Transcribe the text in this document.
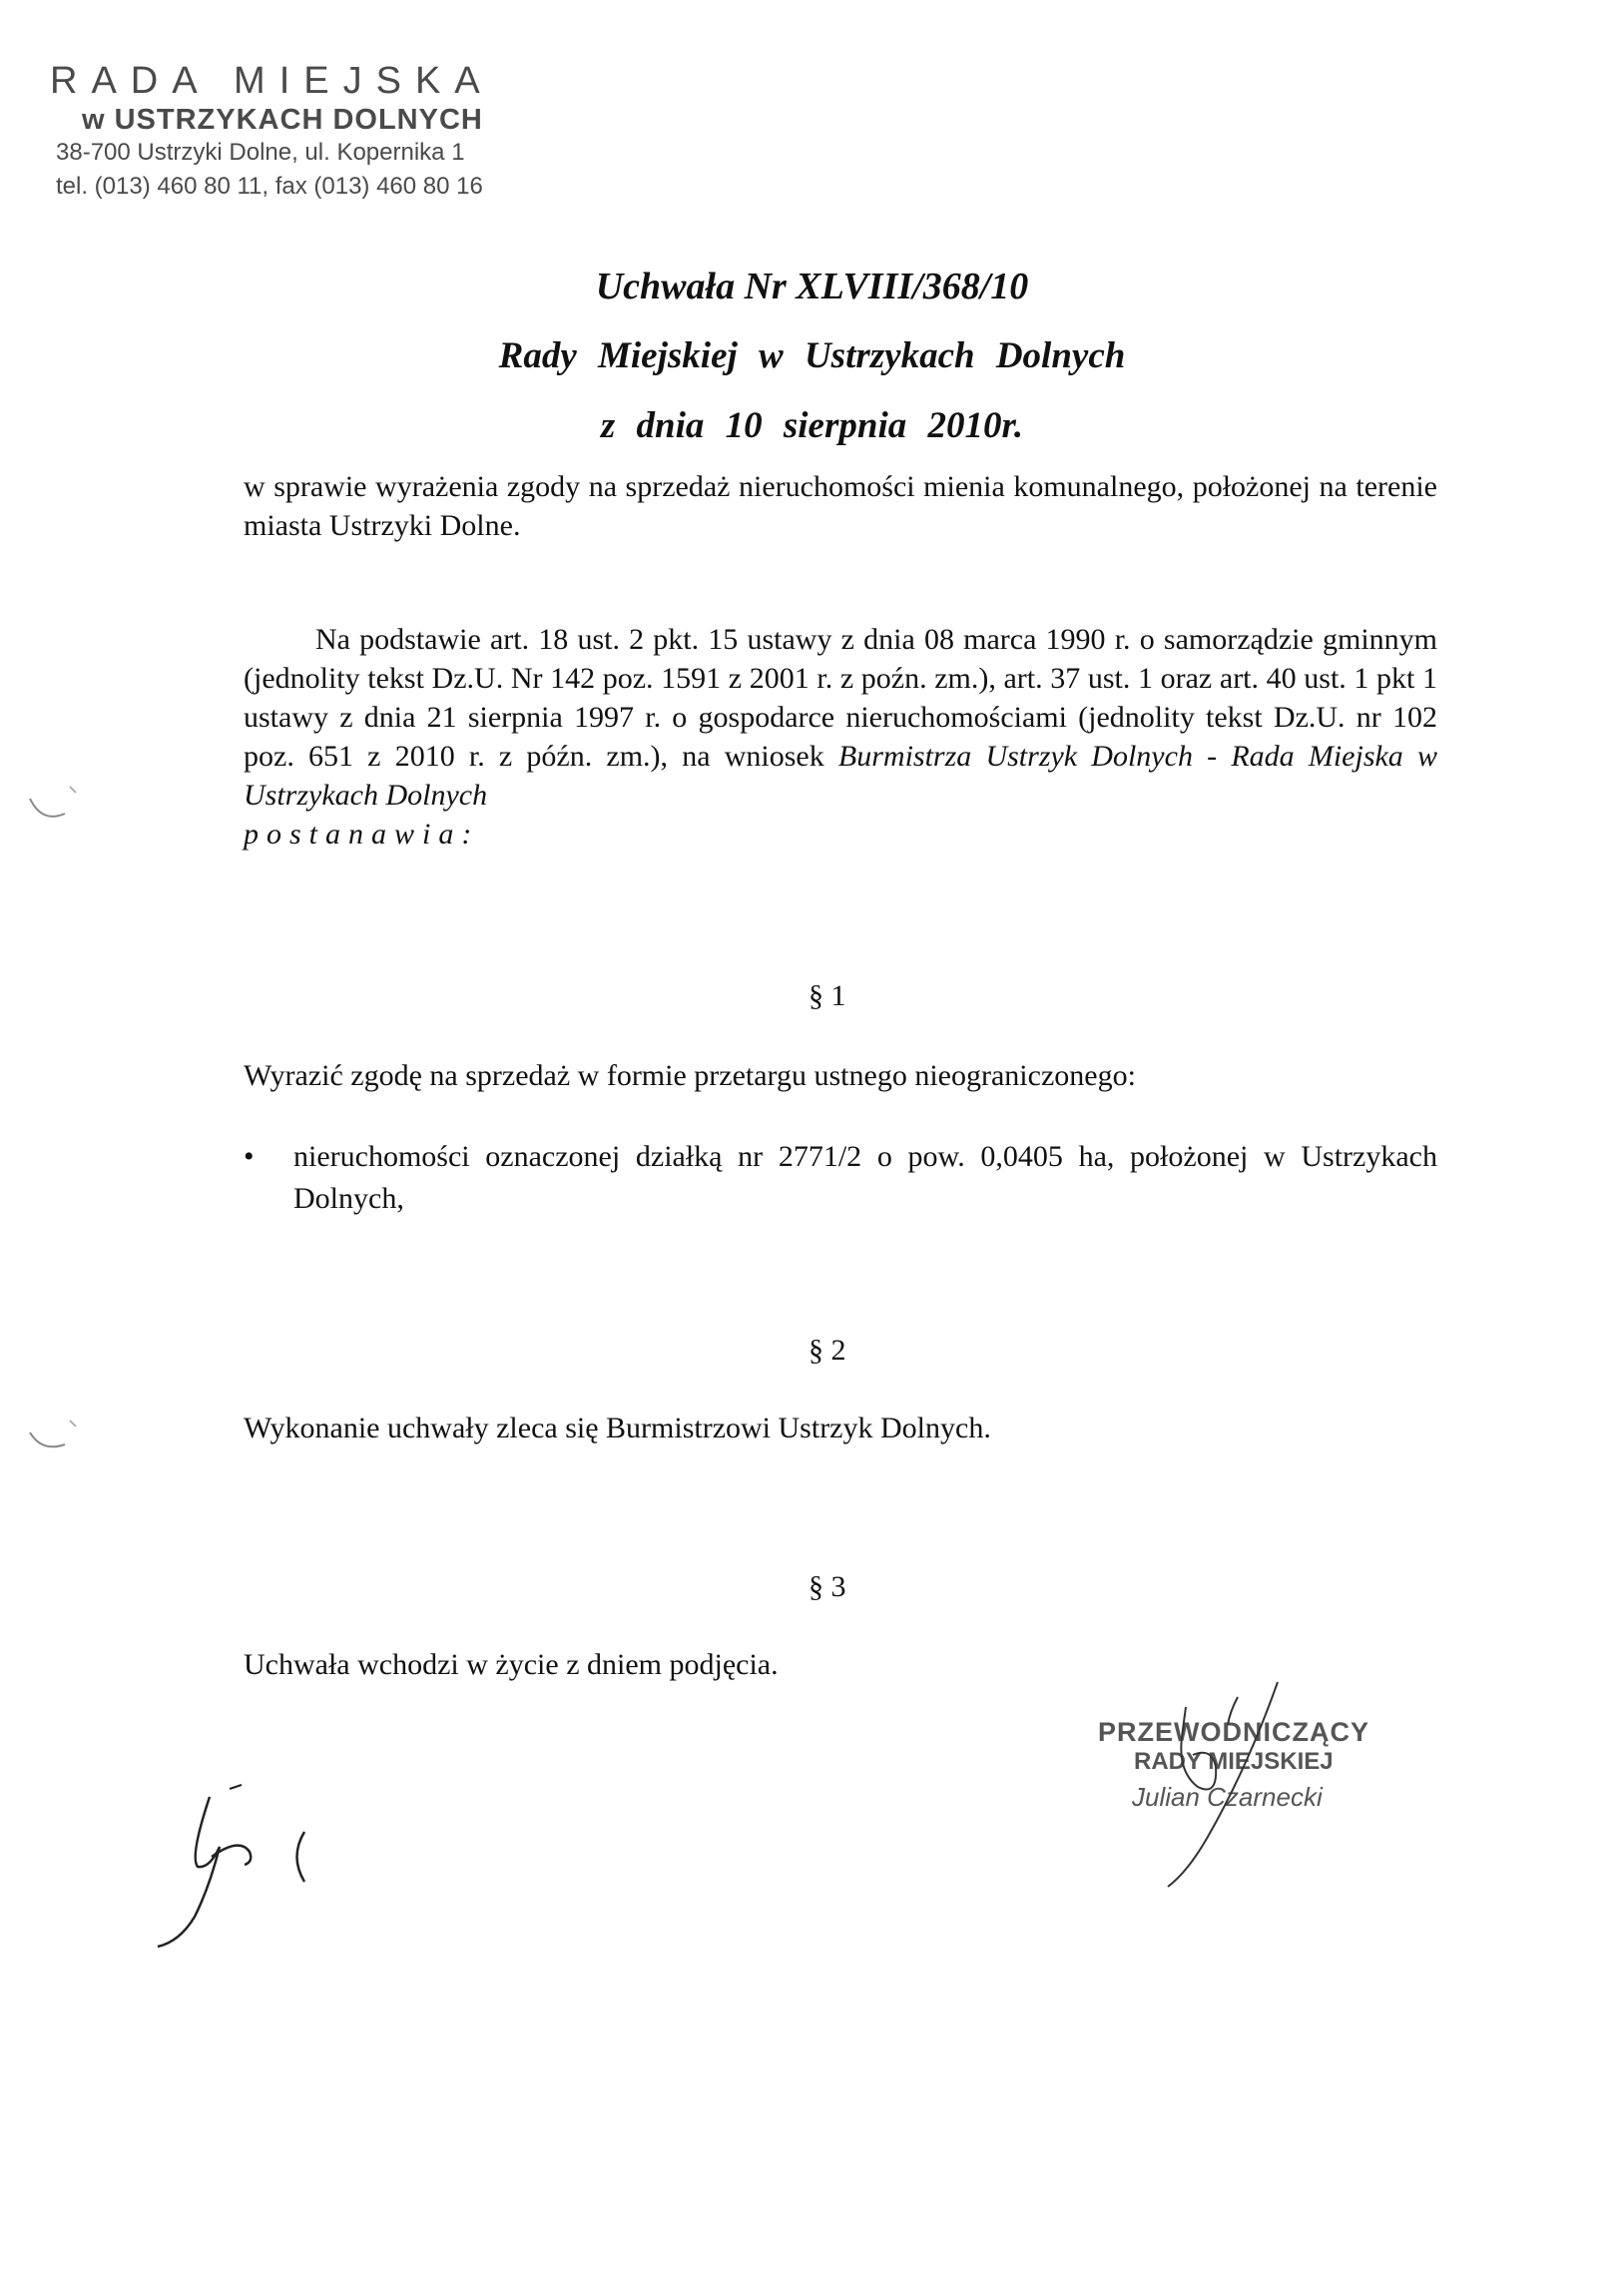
RADA MIEJSKA

w USTRZYKACH DOLNYCH

38-700 Ustrzyki Dolne, ul. Kopernika 1

tel. (013) 460 80 11, fax (013) 460 80 16

Uchwała Nr XLVIII/368/10
Rady Miejskiej w Ustrzykach Dolnych
z dnia 10 sierpnia 2010r.
w sprawie wyrażenia zgody na sprzedaż nieruchomości mienia komunalnego, położonej na terenie miasta Ustrzyki Dolne.
Na podstawie art. 18 ust. 2 pkt. 15 ustawy z dnia 08 marca 1990 r. o samorządzie gminnym (jednolity tekst Dz.U. Nr 142 poz. 1591 z 2001 r. z poźn. zm.), art. 37 ust. 1 oraz art. 40 ust. 1 pkt 1 ustawy z dnia 21 sierpnia 1997 r. o gospodarce nieruchomościami (jednolity tekst Dz.U. nr 102 poz. 651 z 2010 r. z późn. zm.), na wniosek Burmistrza Ustrzyk Dolnych - Rada Miejska w Ustrzykach Dolnych
postanawia:
§ 1
Wyrazić zgodę na sprzedaż w formie przetargu ustnego nieograniczonego:
• nieruchomości oznaczonej działką nr 2771/2 o pow. 0,0405 ha, położonej w Ustrzykach Dolnych,
§ 2
Wykonanie uchwały zleca się Burmistrzowi Ustrzyk Dolnych.
§ 3
Uchwała wchodzi w życie z dniem podjęcia.

PRZEWODNICZĄCY

RADY MIEJSKIEJ

Julian Czarnecki
